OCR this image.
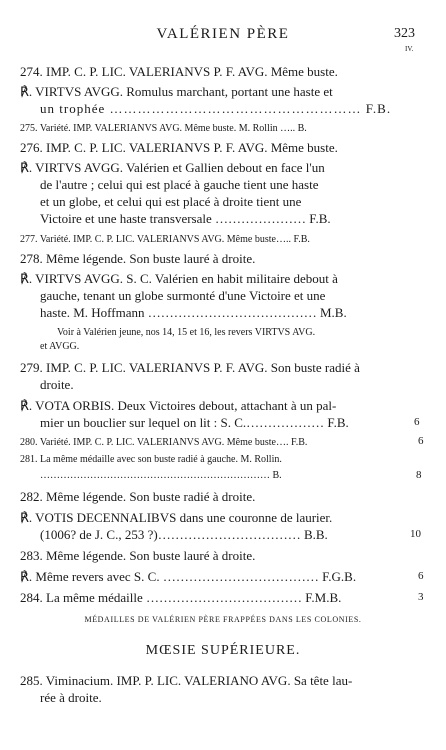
VALÉRIEN PÈRE	323
IV.
274. IMP. C. P. LIC. VALERIANVS P. F. AVG. Même buste.
℟. VIRTVS AVGG. Romulus marchant, portant une haste et
un trophée ……………………………………………… F.B.
275. Variété. IMP. VALERIANVS AVG. Même buste. M. Rollin ….. B.
276. IMP. C. P. LIC. VALERIANVS P. F. AVG. Même buste.
℟. VIRTVS AVGG. Valérien et Gallien debout en face l'un
de l'autre ; celui qui est placé à gauche tient une haste
et un globe, et celui qui est placé à droite tient une
Victoire et une haste transversale ………………… F.B.
277. Variété. IMP. C. P. LIC. VALERIANVS AVG. Même buste….. F.B.
278. Même légende. Son buste lauré à droite.
℟. VIRTVS AVGG. S. C. Valérien en habit militaire debout à
gauche, tenant un globe surmonté d'une Victoire et une
haste. M. Hoffmann ………………………………… M.B.
Voir à Valérien jeune, nos 14, 15 et 16, les revers VIRTVS AVG.
et AVGG.
279. IMP. C. P. LIC. VALERIANVS P. F. AVG. Son buste radié à
droite.
℟. VOTA ORBIS. Deux Victoires debout, attachant à un pal-
mier un bouclier sur lequel on lit : S. C.……………… F.B.
280. Variété. IMP. C. P. LIC. VALERIANVS AVG. Même buste…. F.B.
281. La même médaille avec son buste radié à gauche. M. Rollin.
…………………………………………………………… B.
282. Même légende. Son buste radié à droite.
℟. VOTIS DECENNALIBVS dans une couronne de laurier.
(1006? de J. C., 253 ?)…………………………… B.B.
283. Même légende. Son buste lauré à droite.
℟. Même revers avec S. C. ……………………………… F.G.B.
284. La même médaille ……………………………… F.M.B.
6
6
8
10
6
3
MÉDAILLES DE VALÉRIEN PÈRE FRAPPÉES DANS LES COLONIES.
MŒSIE SUPÉRIEURE.
285. Viminacium. IMP. P. LIC. VALERIANO AVG. Sa tête lau-
rée à droite.
